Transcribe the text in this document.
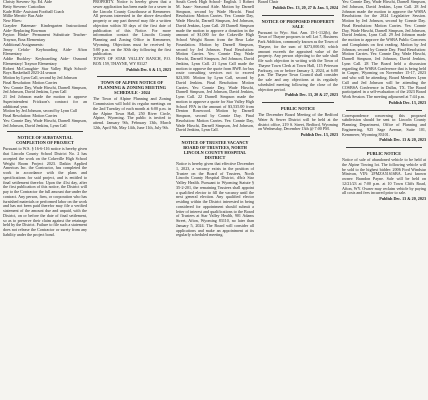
Christy Stevens- Sp. Ed. Aide

Betty Stevens- Custodian

Kade Hille- Assistant Football Coach

Millie Merritt- Bus Aide

New Hires:

Graydee Bateman- Kindergarten Instructional Aide- Replacing Bowman

Payton Hinke- Permanent Substitute Teacher- Traynor, Etna Elementary

Additional Assignments:

Jenny Cefalo- Keyboarding Aide- Afton Elementary

Addie Buckley- Keyboarding Aide- Osmond Elementary/ Traynor Elementary

Robert McConaghie- Star Valley High School- Boys Basketball 2023-24 season

Motion by Lynn Call, second by Jed Johnson

Final Resolution: Motion Carries

Yes: Connie Day, Wade Hirschi, Darnell Simpson, Jed Johnson, David Jenkins, Lynn Call

21 Jed Johnson made the motion to approve Superintendent Frickson's contract for an additional year.

Motion by Jed Johnson, second by Lynn Call

Final Resolution: Motion Carries

Yes: Connie Day, Wade Hirschi, Darnell Simpson, Jed Johnson, David Jenkins, Lynn Call

NOTICE OF SUBSTANTIAL COMPLETION OF PROJECT

Pursuant to W.S. § 16-6-116 notice is hereby given that Lincoln County School District No. 2 has accepted the work on the Cokeville High School Weight Room Project 2023. Daikin Applied Americas Inc. the Contractor, has completed the work in accordance with the plans and specifications for said project, and is entitled to final settlement therefor. Upon the 41st day, after the first publication of this notice, the District will pay to the Contractor the full amount due under the contract. Any person, firm, or corporation who has furnished materials or performed labor on the work and has not been paid therefor may file a verified statement of the amount due and unpaid, with the District, on or before the date of final settlement, so as to preserve their claim against the retainage held by the District. Failure to file such a statement does not release the Contractor or surety from any liability under the project bond.

PROPERTY. Notice is hereby given that a sewer application has been made for a sewer in the Lincoln County Courthouse at Kemmerer. All persons interested in the above described property or any part thereof may file a written objection within 30 days of the first date of publication of this Notice. For more information contact the Lincoln County Planning and Zoning Office in Kemmerer, Wyoming. Objections must be received by 5:00 p.m. on the 30th day following the first publication.

TOWN OF STAR VALLEY RANCH, P.O. BOX 159, THAYNE, WY 83127

Publish Dec. 6 & 13, 2023
TOWN OF ALPINE NOTICE OF PLANNING & ZONING MEETING SCHEDULE - 2024

The Town of Alpine Planning and Zoning Commission will hold its regular meetings on the 2nd Tuesday of each month at 6:00 p.m. in the Alpine Town Hall, 250 River Circle, Alpine, Wyoming. The public is invited to attend. January 9th, February 13th, March 12th, April 9th, May 14th, June 11th, July 9th.

South Creek High School- English. 1 Robert M. Isaac- Seasonal Aide. Motion by Darnell Simpson, second by Wade Hirschi. Final Resolution: Motion Carries. Yes: Connie Day, Wade Hirschi, Darnell Simpson, Jed Johnson, David Jenkins, Lynn Call. 20 Darnell Simpson made the motion to approve a donation in the amount of $1,000 for the Cokeville High School Weight Room from the Bear Lake Foundation. Motion by Darnell Simpson, second by Jed Johnson. Final Resolution: Motion Carries. Yes: Connie Day, Wade Hirschi, Darnell Simpson, Jed Johnson, David Jenkins, Lynn Call. 21 Lynn Call made the motion to approve the quote from BWE for bus route consulting services not to exceed $23,500. Motion by Lynn Call, second by David Jenkins. Final Resolution: Motion Carries. Yes: Connie Day, Wade Hirschi, Darnell Simpson, Jed Johnson, David Jenkins, Lynn Call. 22 Darnell Simpson made the motion to approve a quote for Star Valley High School FFA in the amount of $3,535.00 from Denton Rosewood. Motion by Darnell Simpson, second by Connie Day. Final Resolution: Motion Carries. Yes: Connie Day, Wade Hirschi, Darnell Simpson, Jed Johnson, David Jenkins, Lynn Call.

NOTICE OF TRUSTEE VACANCY BOARD OF TRUSTEES, NORTH LINCOLN COUNTY HOSPITAL DISTRICT

Notice is hereby given that effective December 1, 2023, a vacancy exists in the position of Trustee on the Board of Trustees, North Lincoln County Hospital District, d/b/a Star Valley Health. Pursuant to Wyoming Statute § 35-2-201, the remaining Trustees shall appoint a qualified elector to fill the vacancy until the next general election. Any qualified elector residing within the District interested in being considered for appointment should submit a letter of interest and qualifications to the Board of Trustees at Star Valley Health, 901 Adams Street, Afton, Wyoming 83110, no later than January 5, 2024. The Board will consider all applications and make an appointment at its regularly scheduled meeting.

Board Chair

Publish Dec. 13, 20, 27 & Jan. 3, 2024
NOTICE OF PROPOSED PROPERTY SALE

Pursuant to Wyo. Stat. Ann. 15-1-112(b), the Town of Thayne proposes to sell Lot 7, Business Park Addition, commonly known as the Town of Thayne, for the sum of $273,000.00, which amount exceeds the appraised value of the property. Any person objecting to the sale shall file such objection in writing with the Town of Thayne Town Clerk at Town Hall, 115 Peterson Parkway, on or before January 3, 2024, at 6:00 p.m. The Thayne Town Council shall consider the sale and any objections at its regularly scheduled meeting following the close of the objection period.

Publish Dec. 13, 20 & 27, 2023
PUBLIC NOTICE

The December Board Meeting of the Bedford Water & Sewer District will be held at the district office, 219 S. Street, Bedford, Wyoming on Wednesday, December 13th @ 7:00 PM.

Publish Dec. 13, 2023

Yes: Connie Day, Wade Hirschi, Darnell Simpson, Jed Johnson, David Jenkins, Lynn Call. 28 Jed Johnson made the motion to approve the WSBA Resolutions for the 2024 Legislative Session. Motion by Jed Johnson, second by Connie Day. Final Resolution: Motion Carries. Yes: Connie Day, Wade Hirschi, Darnell Simpson, Jed Johnson, David Jenkins, Lynn Call. 29 Jed Johnson made the motion to approve the WSBA Public Concerns and Complaints on first reading. Motion by Jed Johnson, second by Connie Day. Final Resolution: Motion Carries. Yes: Connie Day, Wade Hirschi, Darnell Simpson, Jed Johnson, David Jenkins, Lynn Call. 28 The Board held a discussion regarding the WSBA Conference that is being held in Casper, Wyoming on November 15-17, 2023 and who will be attending. Board Members Lynn Call and Jed Johnson will be attending the COSBSA Conference in Dallas, TX. The Board participated in a self-evaluation of the 2023 Board Work Session. The meeting adjourned at 7:44 p.m.

Publish Dec. 13, 2023

Correspondence concerning this proposed subdivision should be sent to: Lincoln County Planning Department, Office of Planning and Engineering, 925 Sage Avenue, Suite 101, Kemmerer, Wyoming 83101.

Publish Dec. 13 & 20, 2023
PUBLIC NOTICE

Notice of sale of abandoned vehicle to be held at the Alpine Towing lot. The following vehicle will be sold to the highest bidder: 2006 Ford Windstar Minivan, VIN: 2FMZA51616BA. Last known owner: Brandon Payne. Sale will be held on 12/21/23 at 7:00 p.m. at 10 Town Cliffs Road, Afton, WY. Owner may reclaim vehicle by paying all costs and fees incurred prior to sale.

Publish Dec. 13 & 20, 2023
